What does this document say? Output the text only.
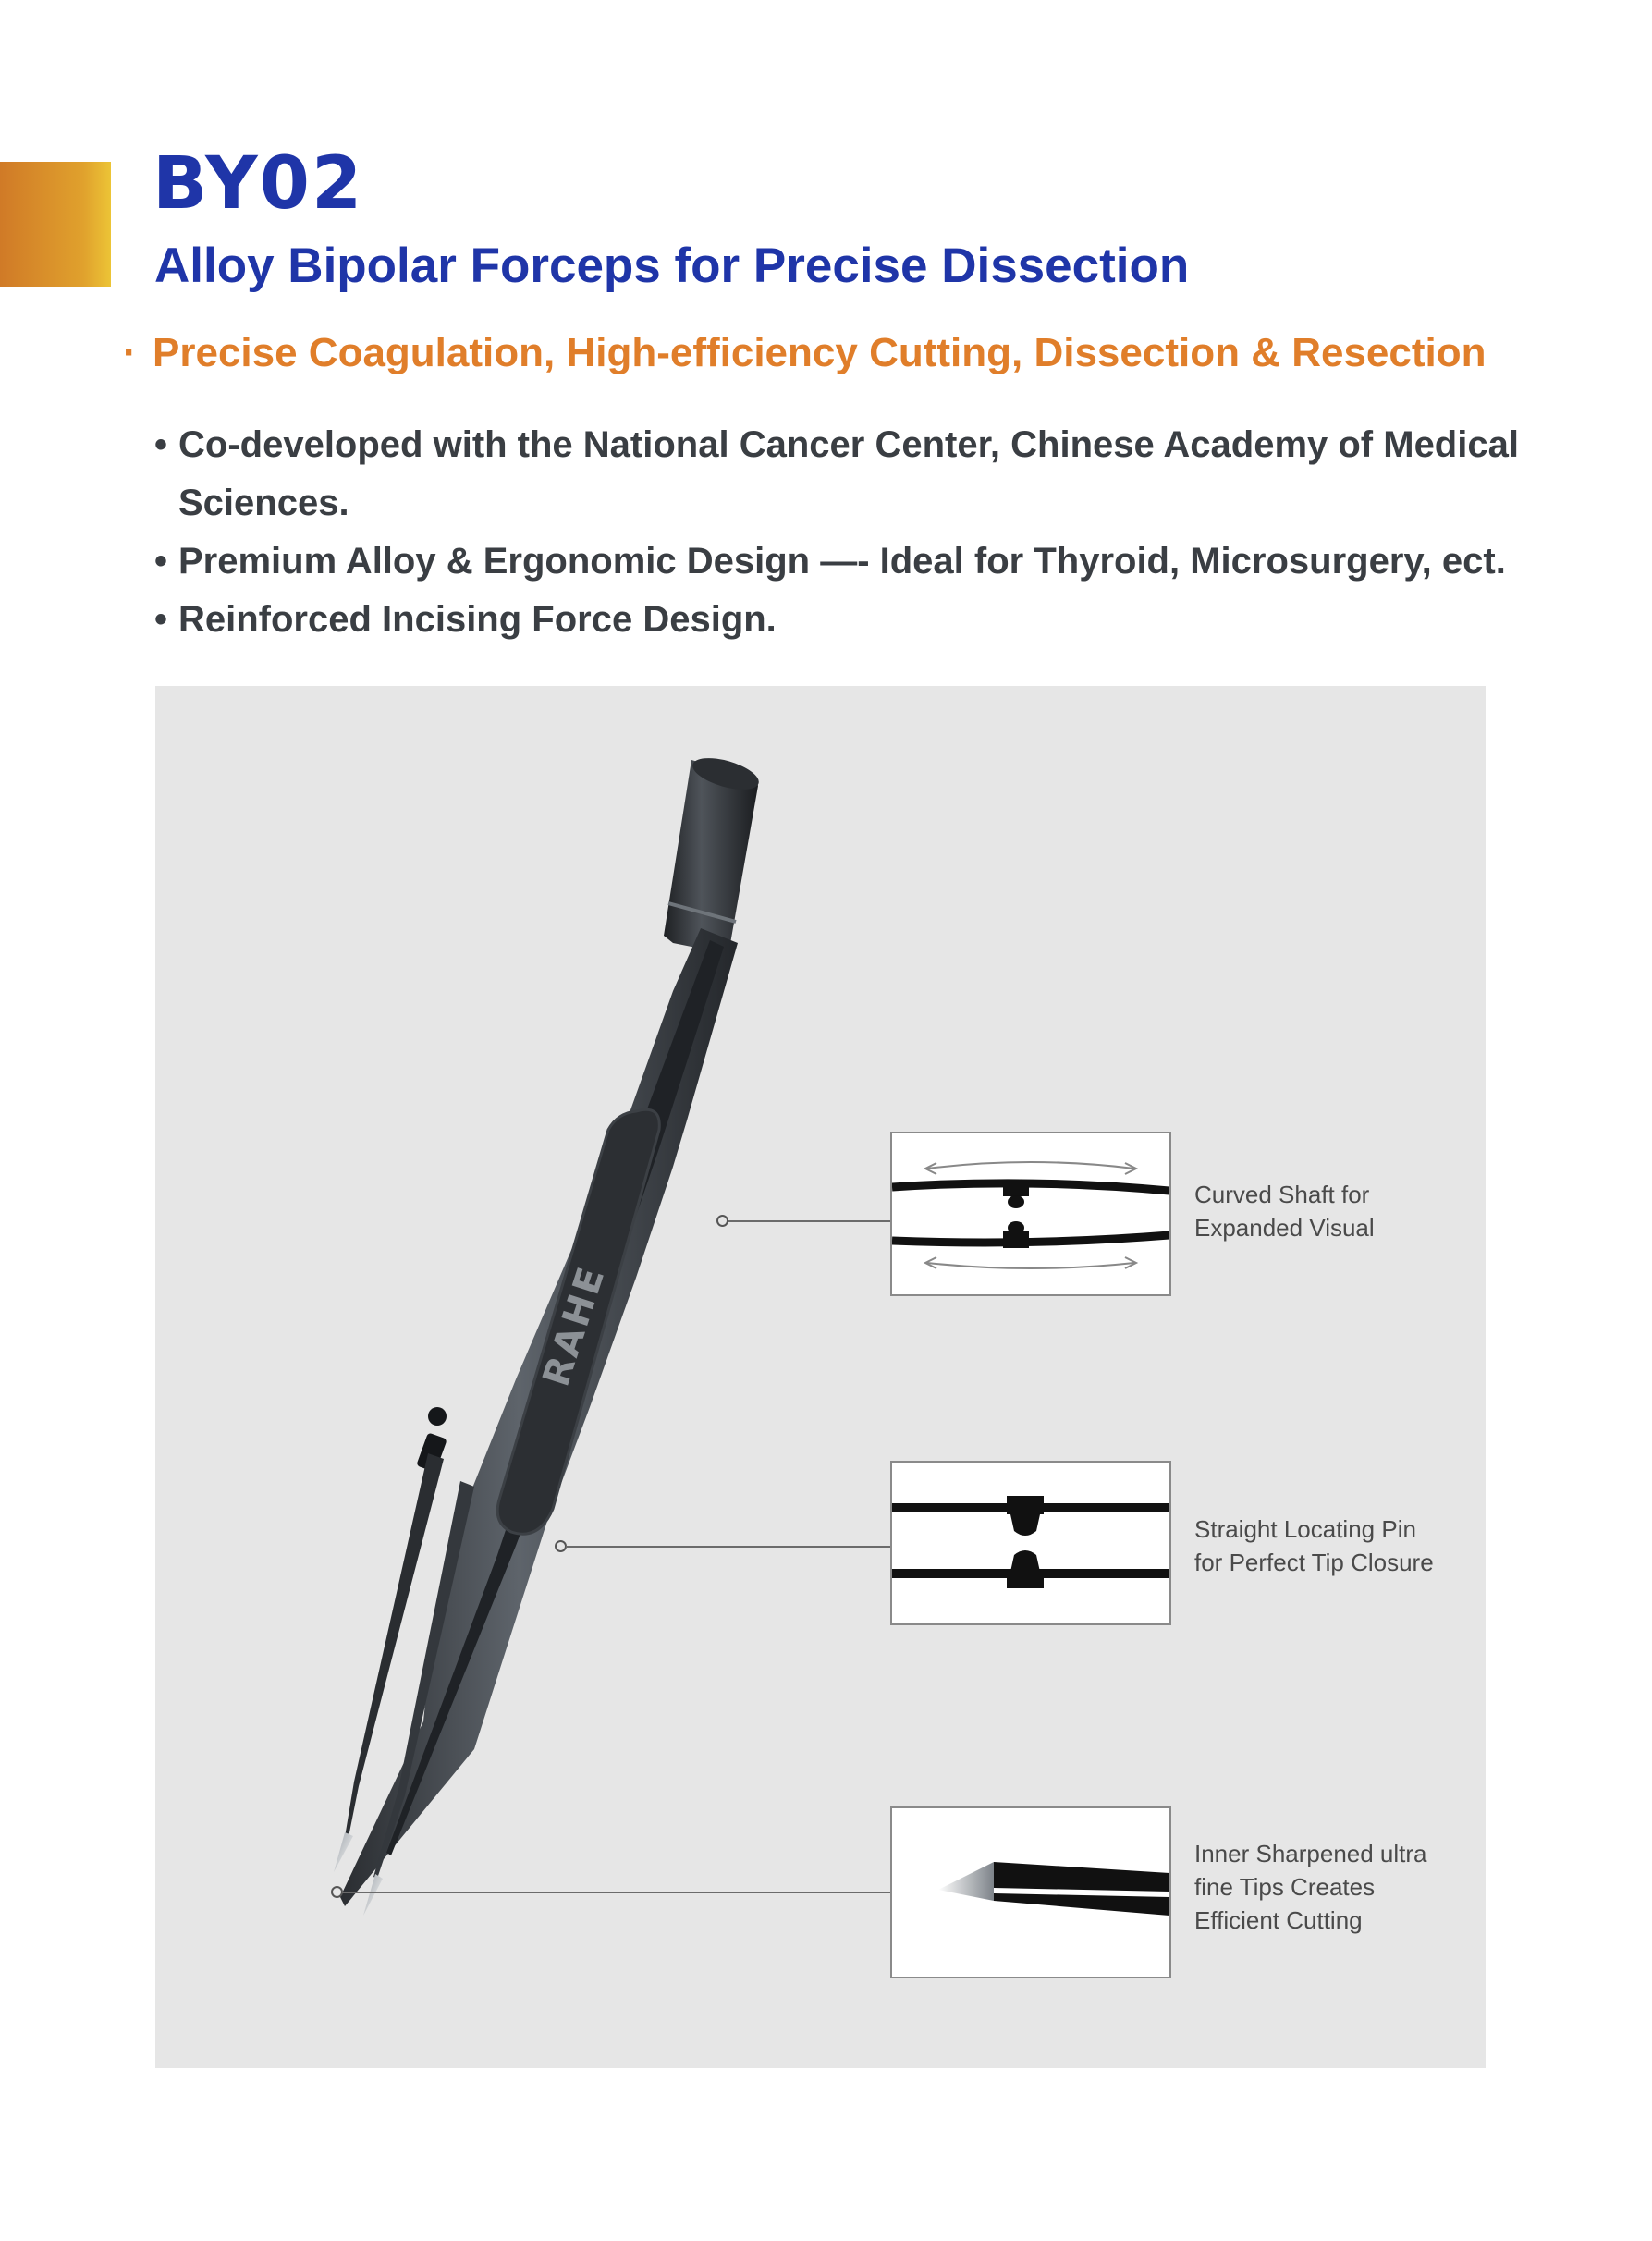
BY02
Alloy Bipolar Forceps for Precise Dissection
· Precise Coagulation, High-efficiency Cutting, Dissection & Resection
• Co-developed with the National Cancer Center, Chinese Academy of Medical Sciences.
• Premium Alloy & Ergonomic Design —- Ideal for Thyroid, Microsurgery, ect.
• Reinforced Incising Force Design.
RAHE
Curved Shaft for
Expanded Visual
Straight Locating Pin
for Perfect Tip Closure
Inner Sharpened ultra
fine Tips Creates
Efficient Cutting
